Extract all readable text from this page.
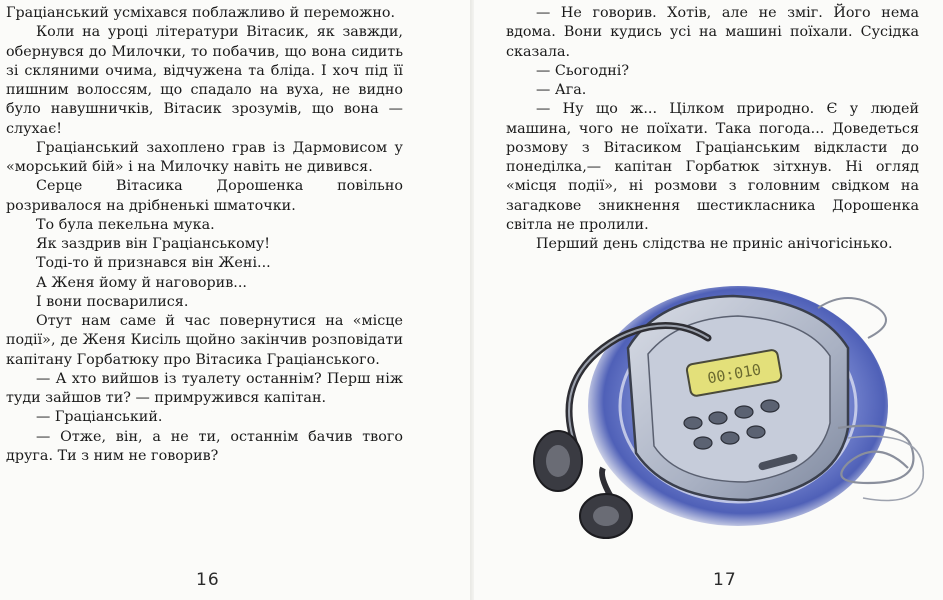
Граціанський усміхався поблажливо й переможно.

Коли на уроці літератури Вітасик, як завжди, обернувся до Милочки, то побачив, що вона сидить зі скляними очима, відчужена та бліда. І хоч під її пишним волоссям, що спадало на вуха, не видно було навушничків, Вітасик зрозумів, що вона — слухає!

Граціанський захоплено грав із Дармовисом у «морський бій» і на Милочку навіть не дивився.

Серце Вітасика Дорошенка повільно розривалося на дрібненькі шматочки.

То була пекельна мука.

Як заздрив він Граціанському!

Тоді-то й признався він Жені...

А Женя йому й наговорив...

І вони посварилися.

Отут нам саме й час повернутися на «місце події», де Женя Кисіль щойно закінчив розповідати капітану Горбатюку про Вітасика Граціанського.

— А хто вийшов із туалету останнім? Перш ніж туди зайшов ти? — примружився капітан.

— Граціанський.

— Отже, він, а не ти, останнім бачив твого друга. Ти з ним не говорив?

16

— Не говорив. Хотів, але не зміг. Його нема вдома. Вони кудись усі на машині поїхали. Сусідка сказала.

— Сьогодні?

— Ага.

— Ну що ж... Цілком природно. Є у людей машина, чого не поїхати. Така погода... Доведеться розмову з Вітасиком Граціанським відкласти до понеділка,— капітан Горбатюк зітхнув. Ні огляд «місця події», ні розмови з головним свідком на загадкове зникнення шестикласника Дорошенка світла не пролили.

Перший день слідства не приніс анічогісінько.

00:010
17
